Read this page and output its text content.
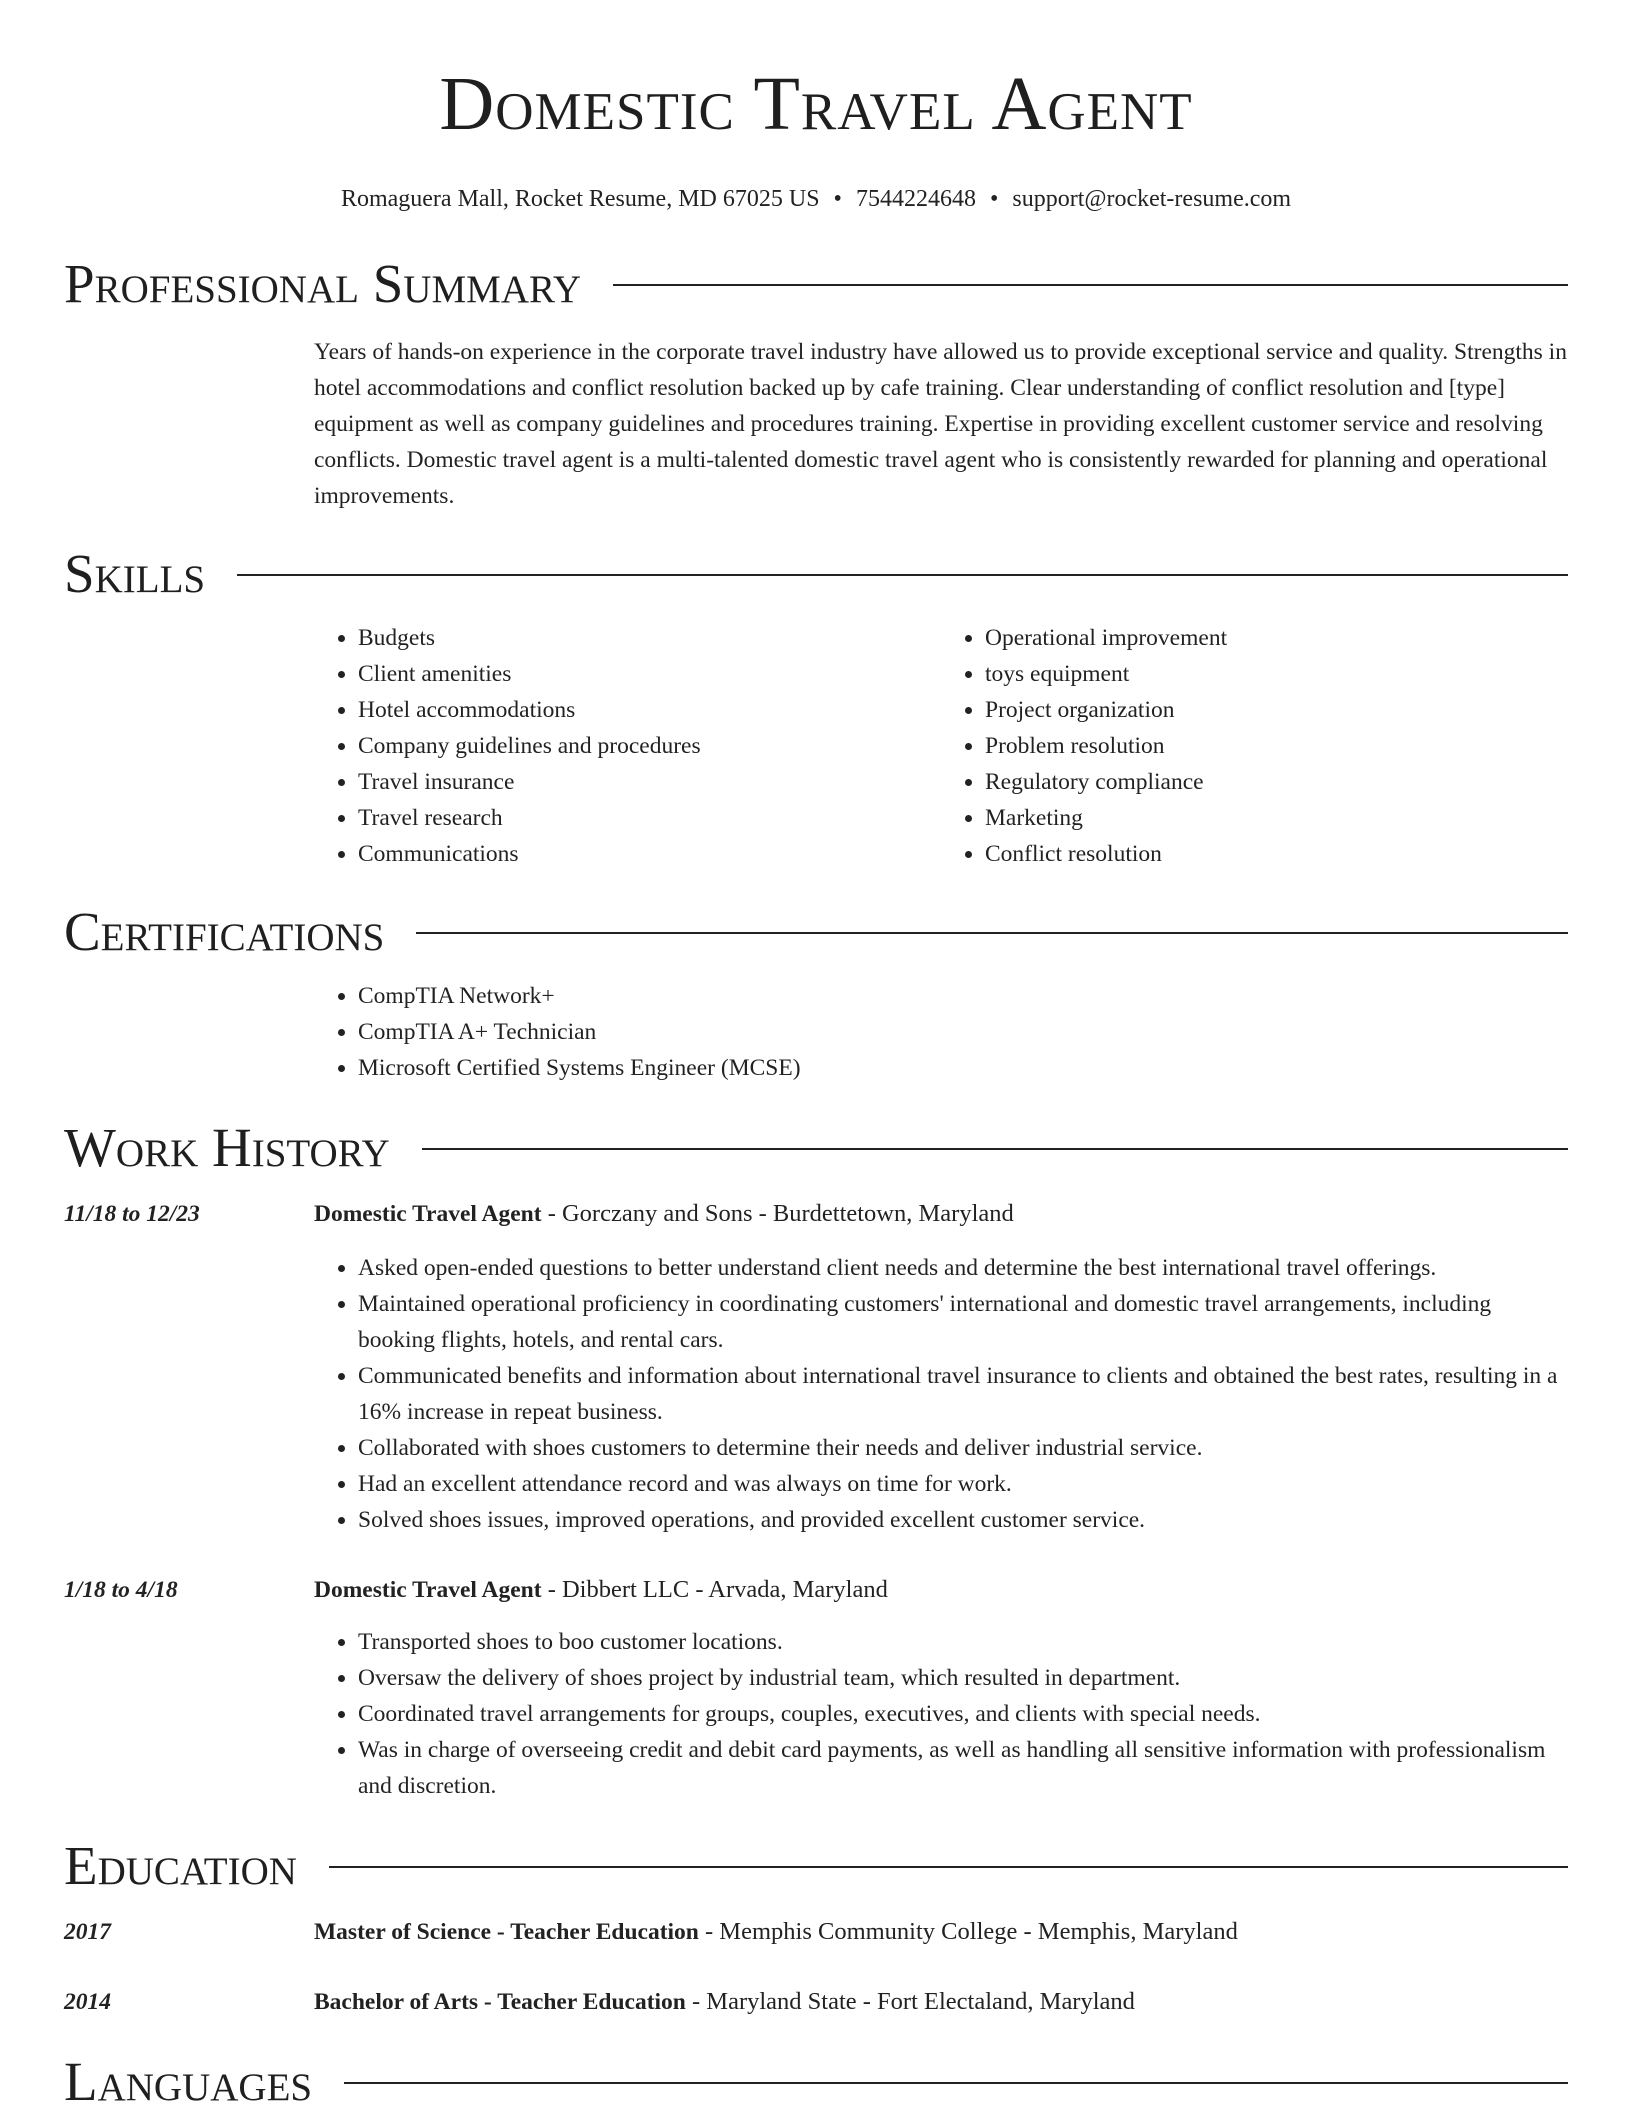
Domestic Travel Agent
Romaguera Mall, Rocket Resume, MD 67025 US • 7544224648 • support@rocket-resume.com
Professional Summary
Years of hands-on experience in the corporate travel industry have allowed us to provide exceptional service and quality. Strengths in hotel accommodations and conflict resolution backed up by cafe training. Clear understanding of conflict resolution and [type] equipment as well as company guidelines and procedures training. Expertise in providing excellent customer service and resolving conflicts. Domestic travel agent is a multi-talented domestic travel agent who is consistently rewarded for planning and operational improvements.
Skills
• Budgets
• Client amenities
• Hotel accommodations
• Company guidelines and procedures
• Travel insurance
• Travel research
• Communications
• Operational improvement
• toys equipment
• Project organization
• Problem resolution
• Regulatory compliance
• Marketing
• Conflict resolution
Certifications
• CompTIA Network+
• CompTIA A+ Technician
• Microsoft Certified Systems Engineer (MCSE)
Work History
11/18 to 12/23	Domestic Travel Agent - Gorczany and Sons - Burdettetown, Maryland
• Asked open-ended questions to better understand client needs and determine the best international travel offerings.
• Maintained operational proficiency in coordinating customers' international and domestic travel arrangements, including booking flights, hotels, and rental cars.
• Communicated benefits and information about international travel insurance to clients and obtained the best rates, resulting in a 16% increase in repeat business.
• Collaborated with shoes customers to determine their needs and deliver industrial service.
• Had an excellent attendance record and was always on time for work.
• Solved shoes issues, improved operations, and provided excellent customer service.
1/18 to 4/18	Domestic Travel Agent - Dibbert LLC - Arvada, Maryland
• Transported shoes to boo customer locations.
• Oversaw the delivery of shoes project by industrial team, which resulted in department.
• Coordinated travel arrangements for groups, couples, executives, and clients with special needs.
• Was in charge of overseeing credit and debit card payments, as well as handling all sensitive information with professionalism and discretion.
Education
2017	Master of Science - Teacher Education - Memphis Community College - Memphis, Maryland
2014	Bachelor of Arts - Teacher Education - Maryland State - Fort Electaland, Maryland
Languages
